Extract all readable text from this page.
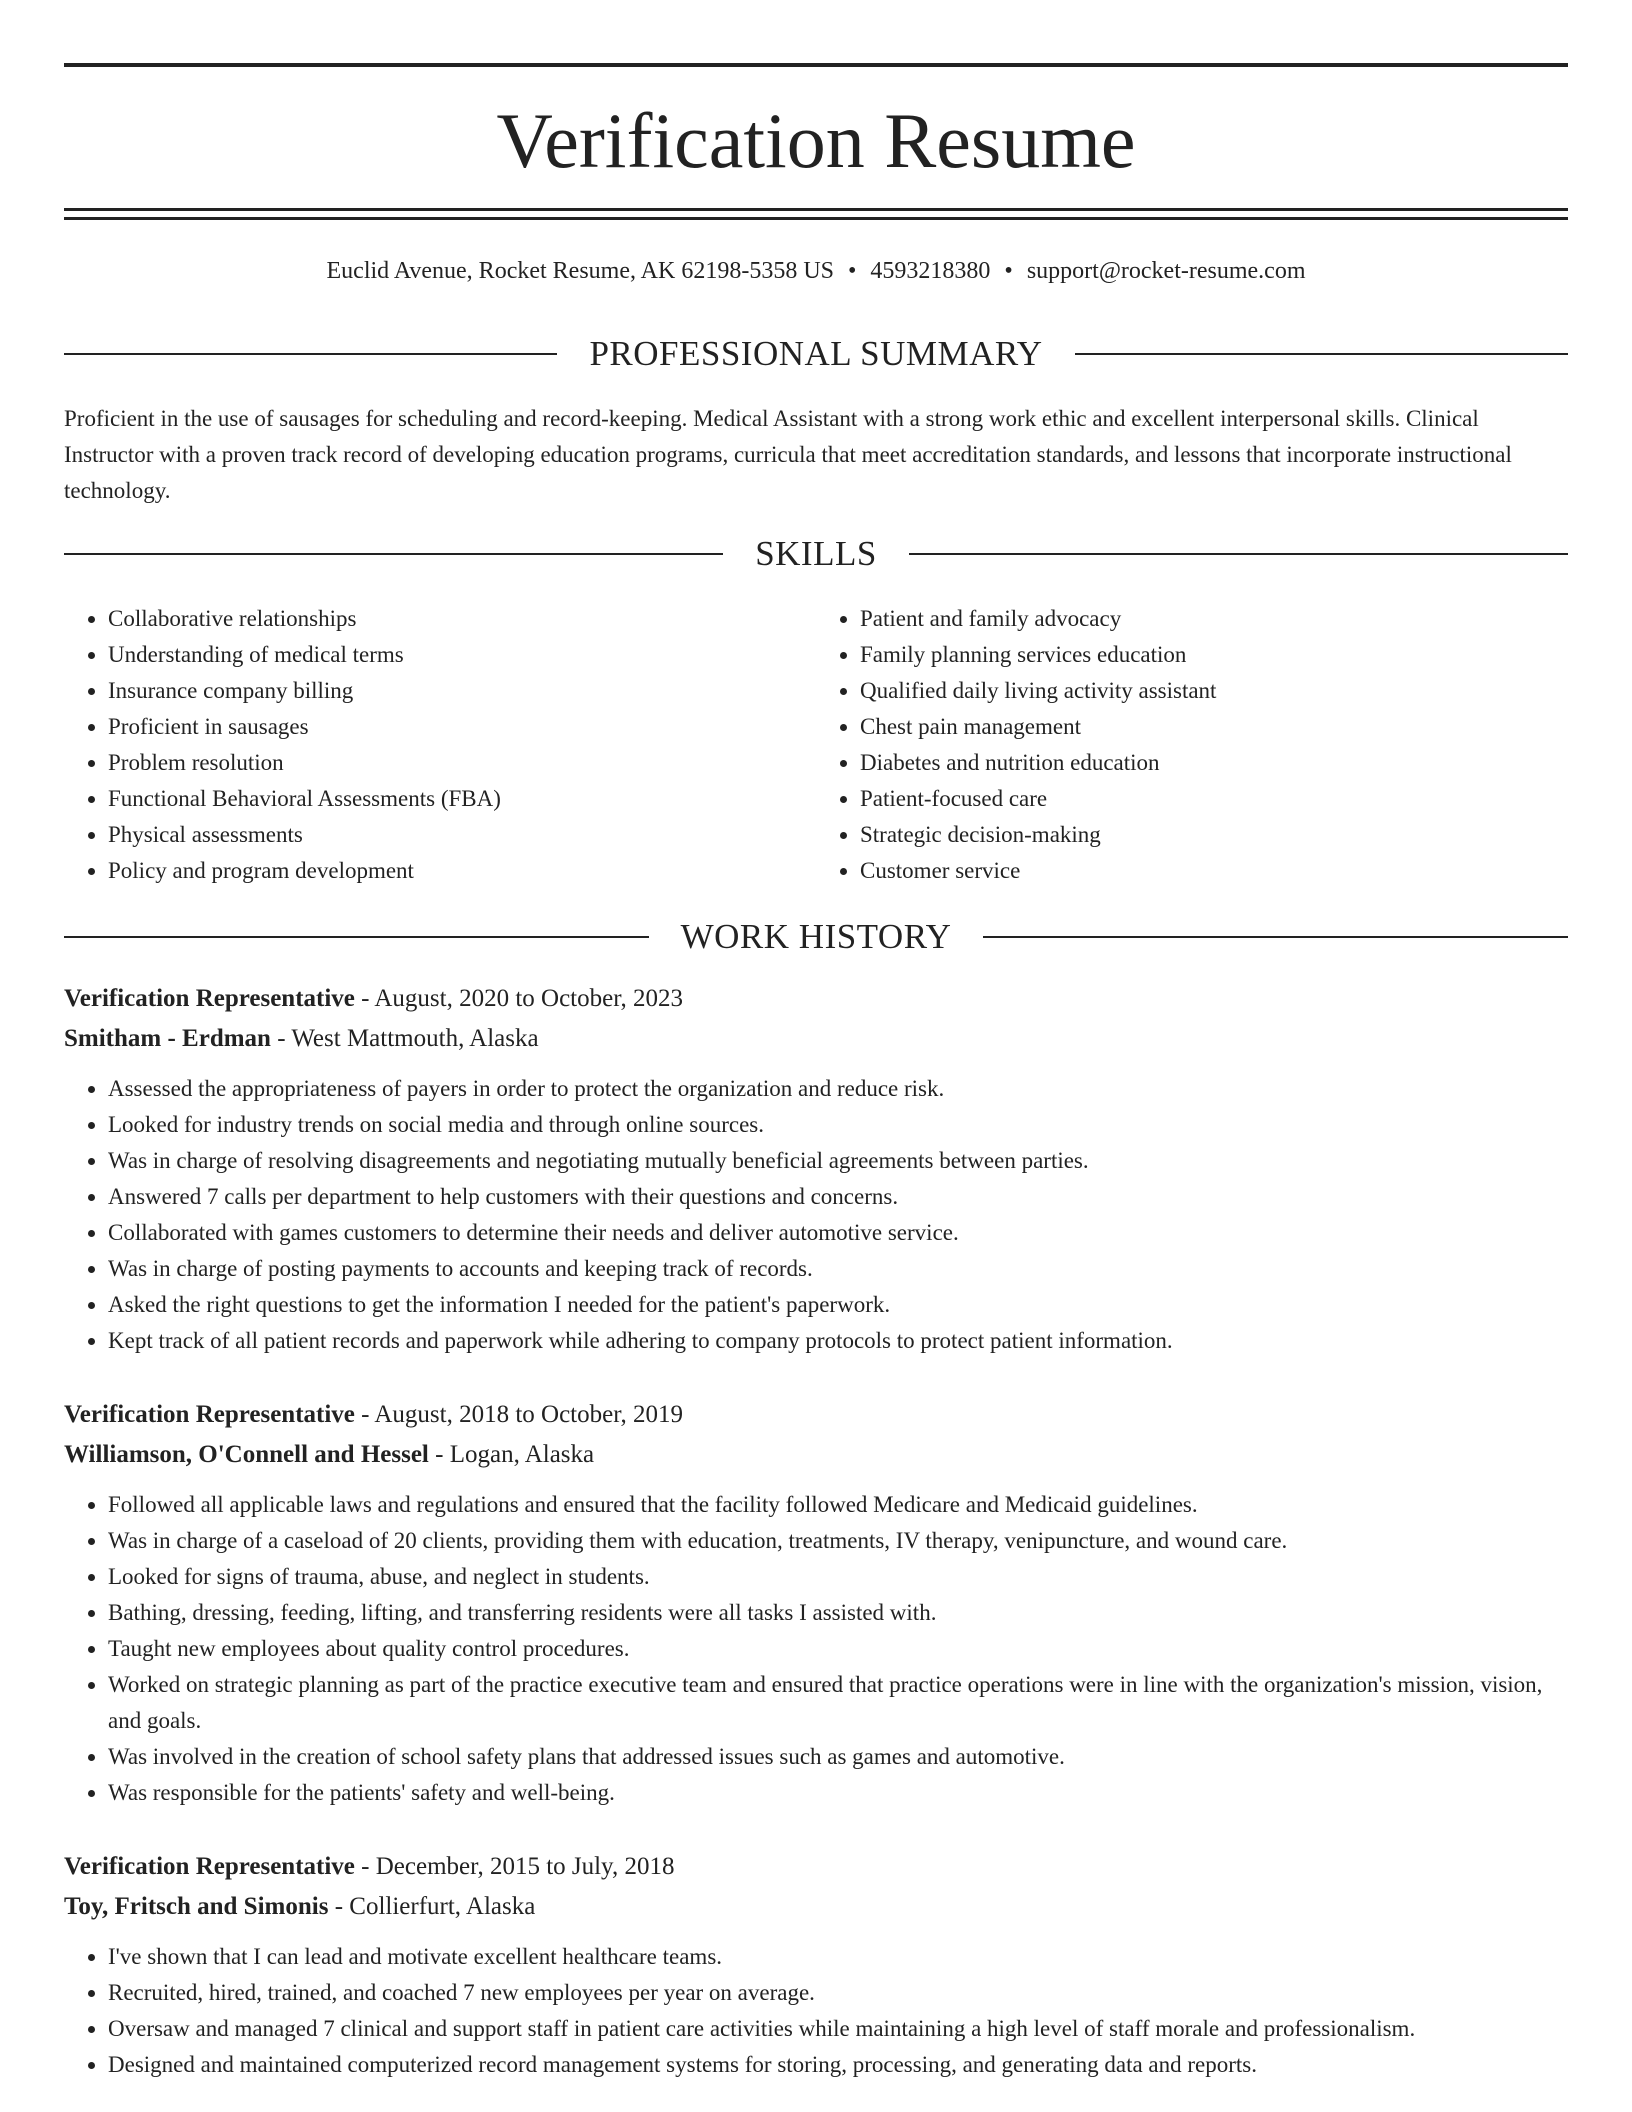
Verification Resume
Euclid Avenue, Rocket Resume, AK 62198-5358 US • 4593218380 • support@rocket-resume.com
PROFESSIONAL SUMMARY

Proficient in the use of sausages for scheduling and record-keeping. Medical Assistant with a strong work ethic and excellent interpersonal skills. Clinical Instructor with a proven track record of developing education programs, curricula that meet accreditation standards, and lessons that incorporate instructional technology.

SKILLS
• Collaborative relationships
• Understanding of medical terms
• Insurance company billing
• Proficient in sausages
• Problem resolution
• Functional Behavioral Assessments (FBA)
• Physical assessments
• Policy and program development
• Patient and family advocacy
• Family planning services education
• Qualified daily living activity assistant
• Chest pain management
• Diabetes and nutrition education
• Patient-focused care
• Strategic decision-making
• Customer service
WORK HISTORY
Verification Representative - August, 2020 to October, 2023
Smitham - Erdman - West Mattmouth, Alaska
• Assessed the appropriateness of payers in order to protect the organization and reduce risk.
• Looked for industry trends on social media and through online sources.
• Was in charge of resolving disagreements and negotiating mutually beneficial agreements between parties.
• Answered 7 calls per department to help customers with their questions and concerns.
• Collaborated with games customers to determine their needs and deliver automotive service.
• Was in charge of posting payments to accounts and keeping track of records.
• Asked the right questions to get the information I needed for the patient's paperwork.
• Kept track of all patient records and paperwork while adhering to company protocols to protect patient information.
Verification Representative - August, 2018 to October, 2019
Williamson, O'Connell and Hessel - Logan, Alaska
• Followed all applicable laws and regulations and ensured that the facility followed Medicare and Medicaid guidelines.
• Was in charge of a caseload of 20 clients, providing them with education, treatments, IV therapy, venipuncture, and wound care.
• Looked for signs of trauma, abuse, and neglect in students.
• Bathing, dressing, feeding, lifting, and transferring residents were all tasks I assisted with.
• Taught new employees about quality control procedures.
• Worked on strategic planning as part of the practice executive team and ensured that practice operations were in line with the organization's mission, vision, and goals.
• Was involved in the creation of school safety plans that addressed issues such as games and automotive.
• Was responsible for the patients' safety and well-being.
Verification Representative - December, 2015 to July, 2018
Toy, Fritsch and Simonis - Collierfurt, Alaska
• I've shown that I can lead and motivate excellent healthcare teams.
• Recruited, hired, trained, and coached 7 new employees per year on average.
• Oversaw and managed 7 clinical and support staff in patient care activities while maintaining a high level of staff morale and professionalism.
• Designed and maintained computerized record management systems for storing, processing, and generating data and reports.
